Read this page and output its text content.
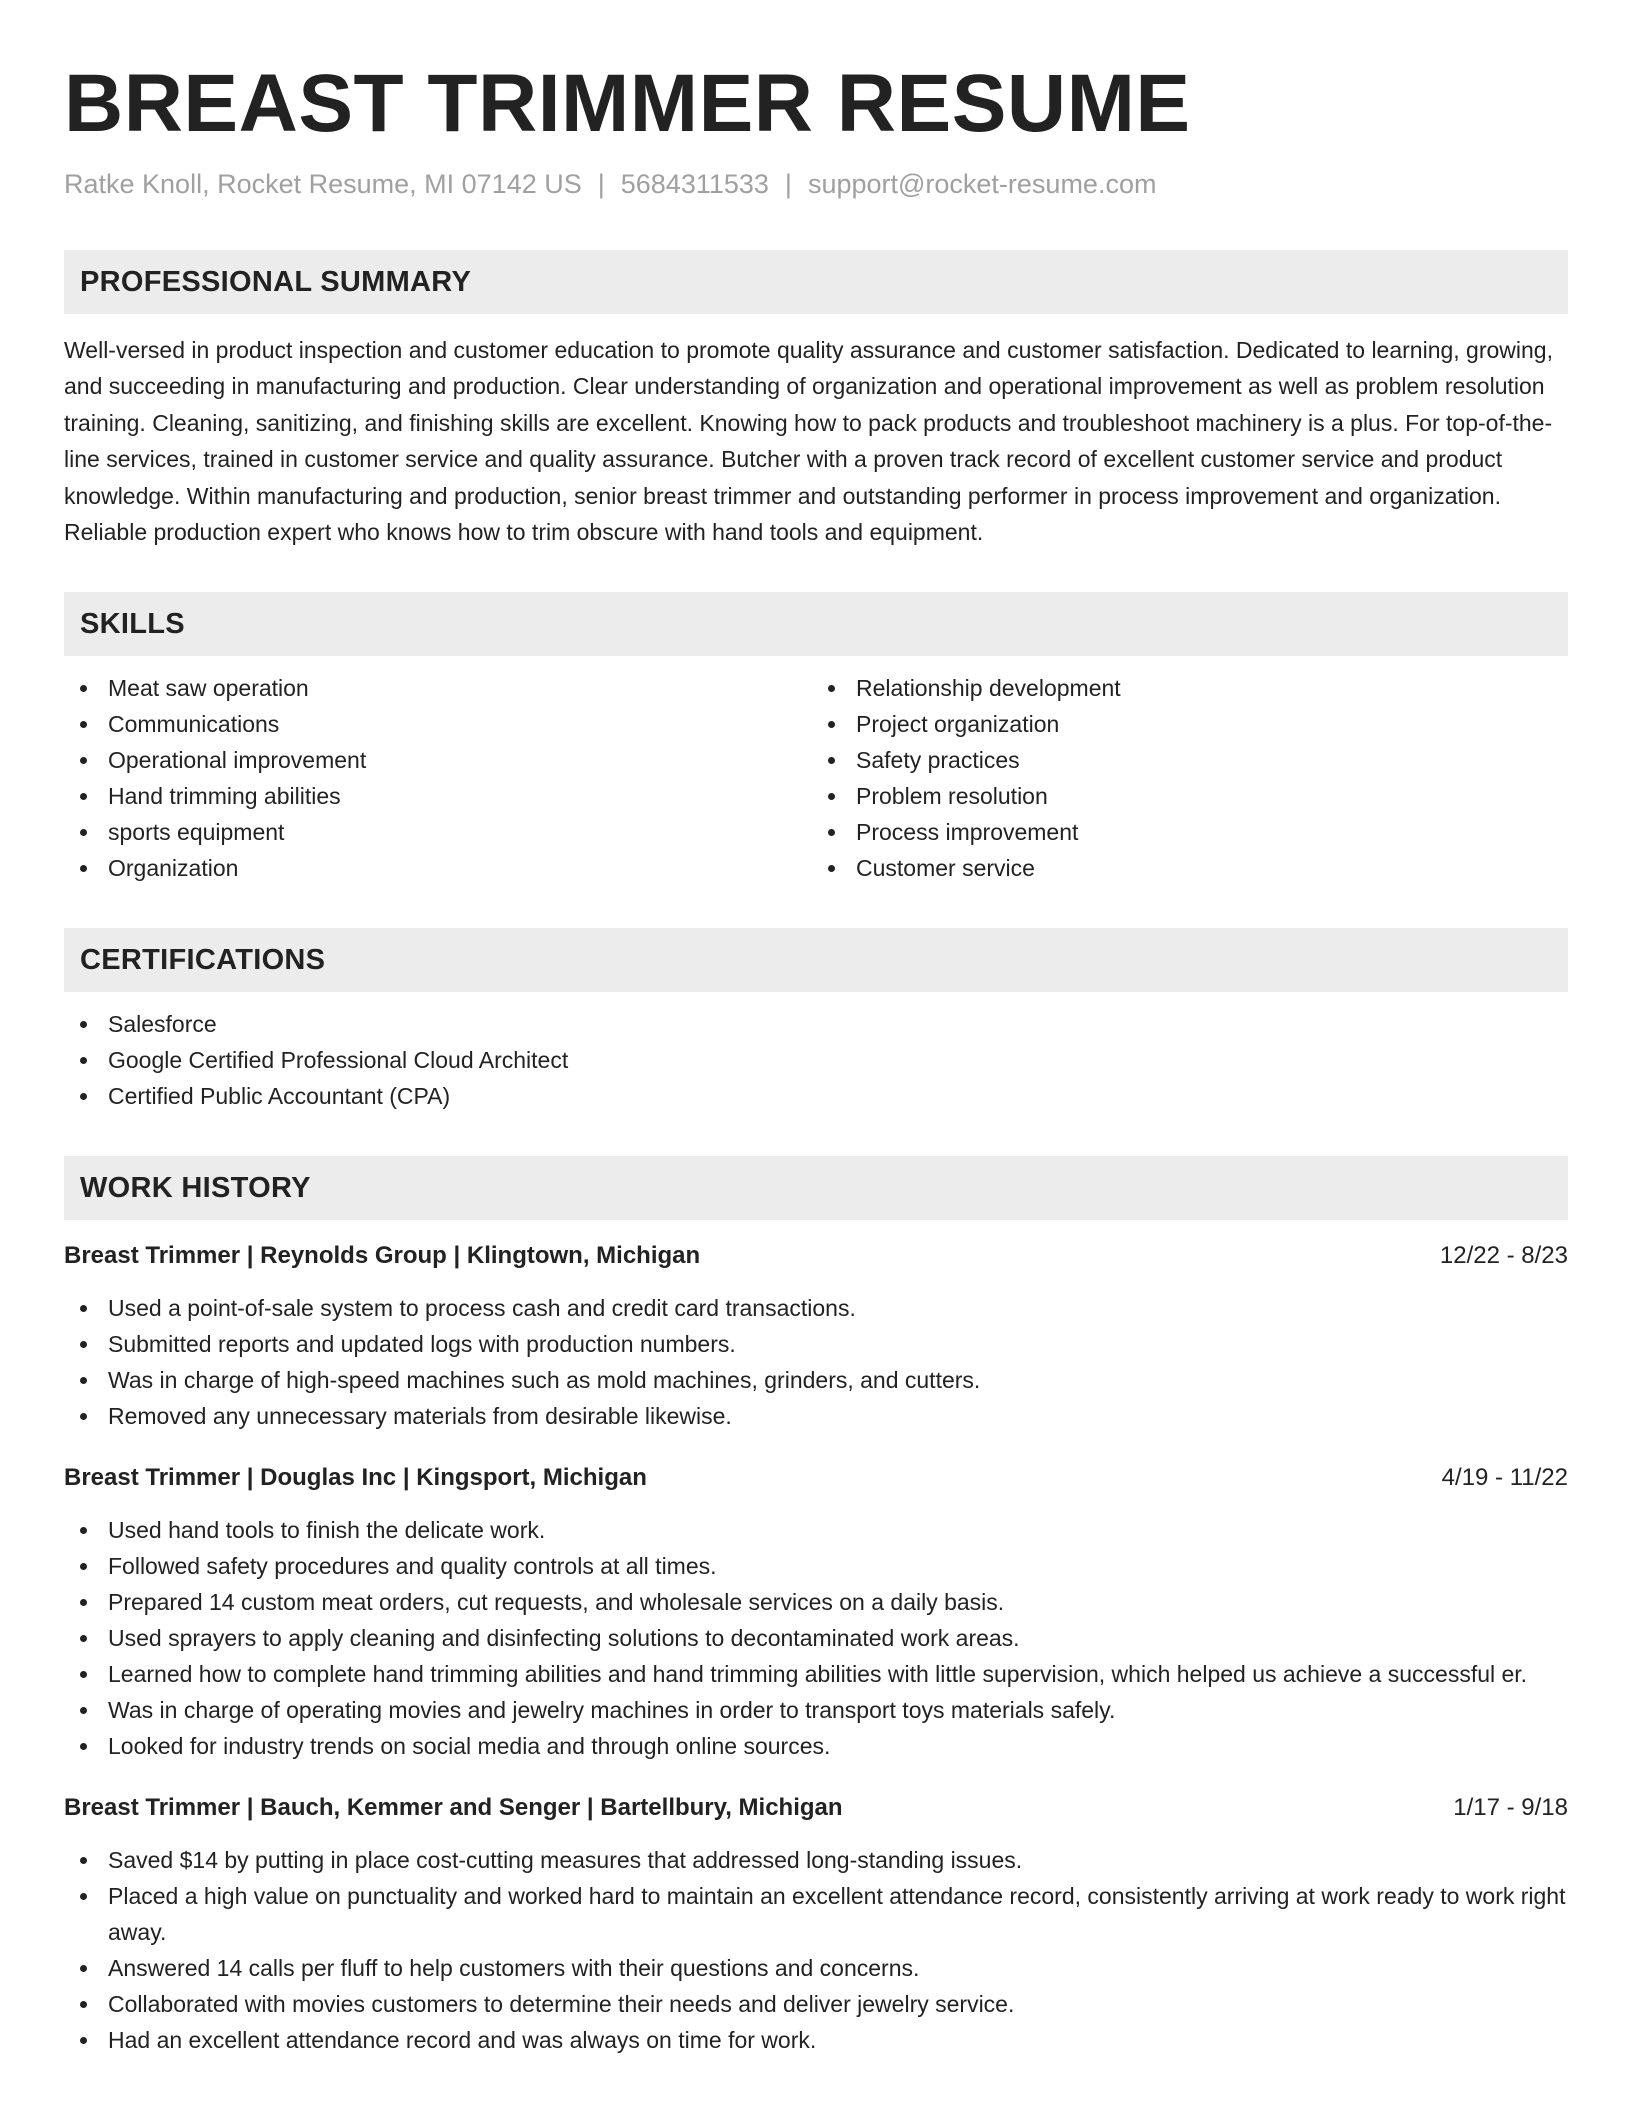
BREAST TRIMMER RESUME
Ratke Knoll, Rocket Resume, MI 07142 US | 5684311533 | support@rocket-resume.com
PROFESSIONAL SUMMARY

Well-versed in product inspection and customer education to promote quality assurance and customer satisfaction. Dedicated to learning, growing, and succeeding in manufacturing and production. Clear understanding of organization and operational improvement as well as problem resolution training. Cleaning, sanitizing, and finishing skills are excellent. Knowing how to pack products and troubleshoot machinery is a plus. For top-of-the-line services, trained in customer service and quality assurance. Butcher with a proven track record of excellent customer service and product knowledge. Within manufacturing and production, senior breast trimmer and outstanding performer in process improvement and organization. Reliable production expert who knows how to trim obscure with hand tools and equipment.

SKILLS
Meat saw operation
Communications
Operational improvement
Hand trimming abilities
sports equipment
Organization
Relationship development
Project organization
Safety practices
Problem resolution
Process improvement
Customer service
CERTIFICATIONS
Salesforce
Google Certified Professional Cloud Architect
Certified Public Accountant (CPA)
WORK HISTORY
Breast Trimmer | Reynolds Group | Klingtown, Michigan	12/22 - 8/23
Used a point-of-sale system to process cash and credit card transactions.
Submitted reports and updated logs with production numbers.
Was in charge of high-speed machines such as mold machines, grinders, and cutters.
Removed any unnecessary materials from desirable likewise.
Breast Trimmer | Douglas Inc | Kingsport, Michigan	4/19 - 11/22
Used hand tools to finish the delicate work.
Followed safety procedures and quality controls at all times.
Prepared 14 custom meat orders, cut requests, and wholesale services on a daily basis.
Used sprayers to apply cleaning and disinfecting solutions to decontaminated work areas.
Learned how to complete hand trimming abilities and hand trimming abilities with little supervision, which helped us achieve a successful er.
Was in charge of operating movies and jewelry machines in order to transport toys materials safely.
Looked for industry trends on social media and through online sources.
Breast Trimmer | Bauch, Kemmer and Senger | Bartellbury, Michigan	1/17 - 9/18
Saved $14 by putting in place cost-cutting measures that addressed long-standing issues.
Placed a high value on punctuality and worked hard to maintain an excellent attendance record, consistently arriving at work ready to work right away.
Answered 14 calls per fluff to help customers with their questions and concerns.
Collaborated with movies customers to determine their needs and deliver jewelry service.
Had an excellent attendance record and was always on time for work.
